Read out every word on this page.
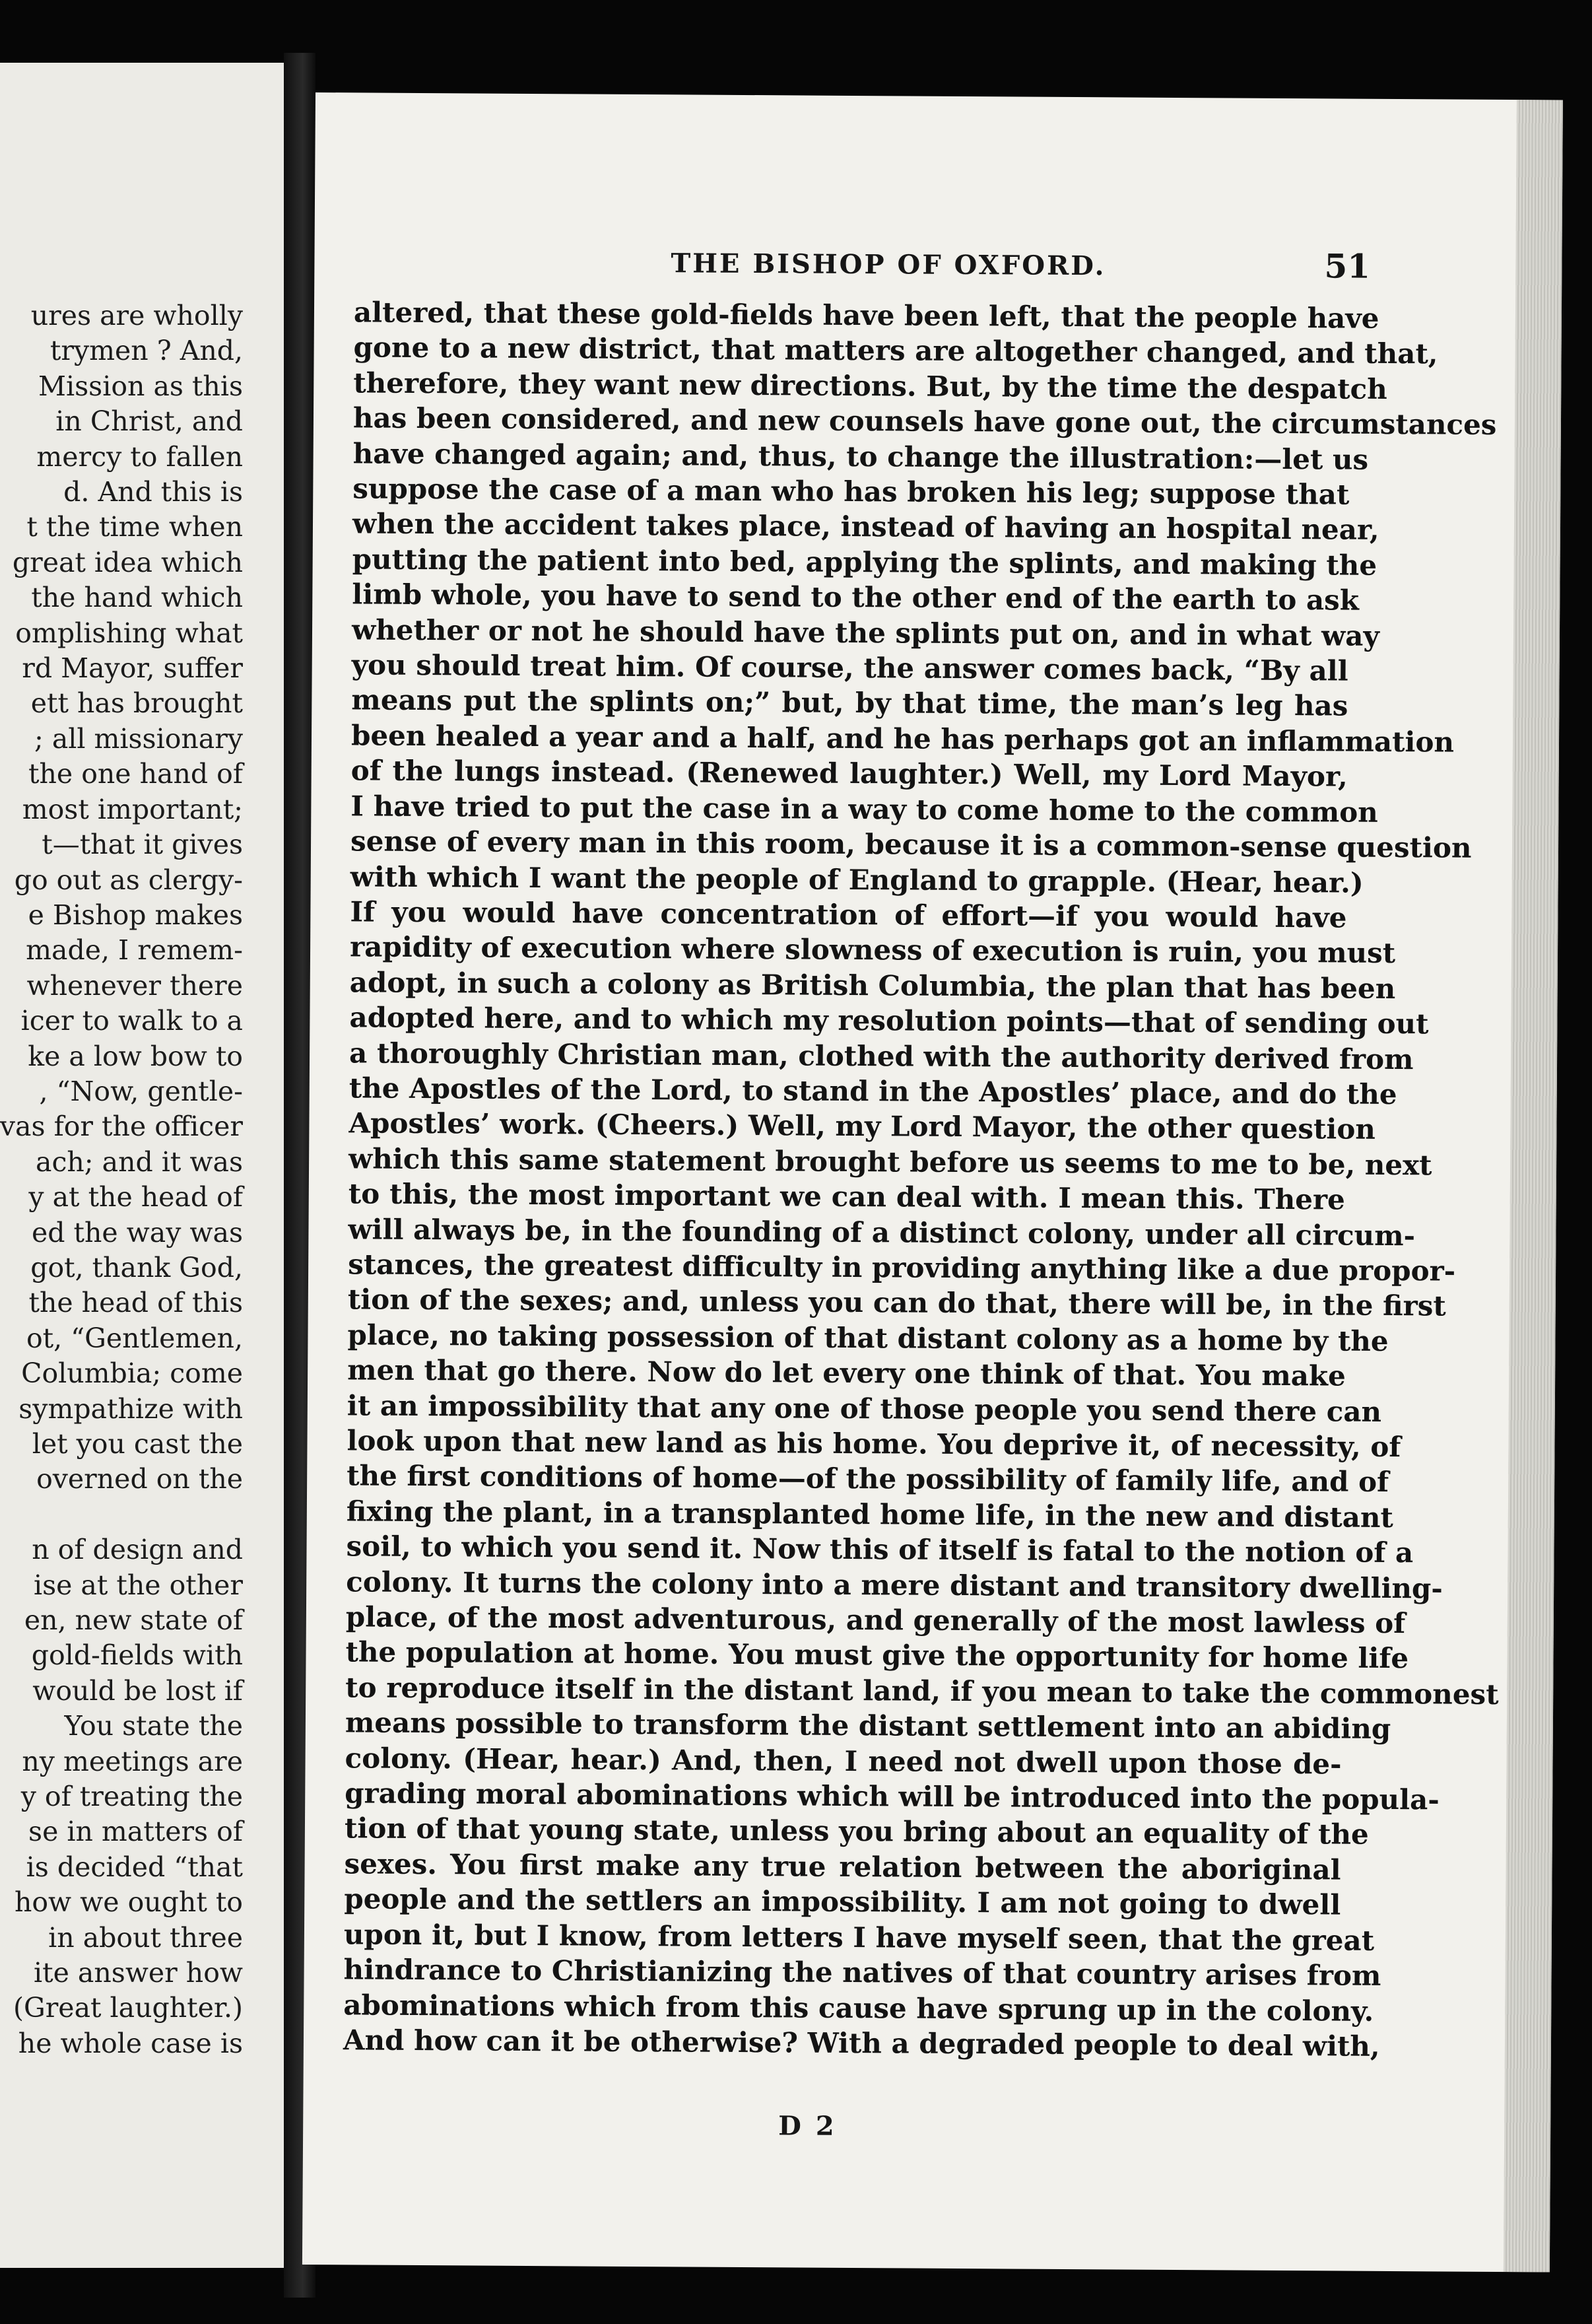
ures are wholly
trymen ? And,
Mission as this
in Christ, and
mercy to fallen
d. And this is
t the time when
great idea which
the hand which
omplishing what
rd Mayor, suffer
ett has brought
; all missionary
the one hand of
most important;
t—that it gives
go out as clergy-
e Bishop makes
made, I remem-
whenever there
icer to walk to a
ke a low bow to
, “Now, gentle-
vas for the officer
ach; and it was
y at the head of
ed the way was
got, thank God,
the head of this
ot, “Gentlemen,
Columbia; come
sympathize with
let you cast the
overned on the
n of design and
ise at the other
en, new state of
gold-fields with
would be lost if
You state the
ny meetings are
y of treating the
se in matters of
is decided “that
how we ought to
in about three
ite answer how
(Great laughter.)
he whole case is
THE BISHOP OF OXFORD.	51
altered, that these gold-fields have been left, that the people have
gone to a new district, that matters are altogether changed, and that,
therefore, they want new directions. But, by the time the despatch
has been considered, and new counsels have gone out, the circumstances
have changed again; and, thus, to change the illustration:—let us
suppose the case of a man who has broken his leg; suppose that
when the accident takes place, instead of having an hospital near,
putting the patient into bed, applying the splints, and making the
limb whole, you have to send to the other end of the earth to ask
whether or not he should have the splints put on, and in what way
you should treat him. Of course, the answer comes back, “By all
means put the splints on;” but, by that time, the man’s leg has
been healed a year and a half, and he has perhaps got an inflammation
of the lungs instead. (Renewed laughter.) Well, my Lord Mayor,
I have tried to put the case in a way to come home to the common
sense of every man in this room, because it is a common-sense question
with which I want the people of England to grapple. (Hear, hear.)
If you would have concentration of effort—if you would have
rapidity of execution where slowness of execution is ruin, you must
adopt, in such a colony as British Columbia, the plan that has been
adopted here, and to which my resolution points—that of sending out
a thoroughly Christian man, clothed with the authority derived from
the Apostles of the Lord, to stand in the Apostles’ place, and do the
Apostles’ work. (Cheers.) Well, my Lord Mayor, the other question
which this same statement brought before us seems to me to be, next
to this, the most important we can deal with. I mean this. There
will always be, in the founding of a distinct colony, under all circum-
stances, the greatest difficulty in providing anything like a due propor-
tion of the sexes; and, unless you can do that, there will be, in the first
place, no taking possession of that distant colony as a home by the
men that go there. Now do let every one think of that. You make
it an impossibility that any one of those people you send there can
look upon that new land as his home. You deprive it, of necessity, of
the first conditions of home—of the possibility of family life, and of
fixing the plant, in a transplanted home life, in the new and distant
soil, to which you send it. Now this of itself is fatal to the notion of a
colony. It turns the colony into a mere distant and transitory dwelling-
place, of the most adventurous, and generally of the most lawless of
the population at home. You must give the opportunity for home life
to reproduce itself in the distant land, if you mean to take the commonest
means possible to transform the distant settlement into an abiding
colony. (Hear, hear.) And, then, I need not dwell upon those de-
grading moral abominations which will be introduced into the popula-
tion of that young state, unless you bring about an equality of the
sexes. You first make any true relation between the aboriginal
people and the settlers an impossibility. I am not going to dwell
upon it, but I know, from letters I have myself seen, that the great
hindrance to Christianizing the natives of that country arises from
abominations which from this cause have sprung up in the colony.
And how can it be otherwise? With a degraded people to deal with,
D 2
